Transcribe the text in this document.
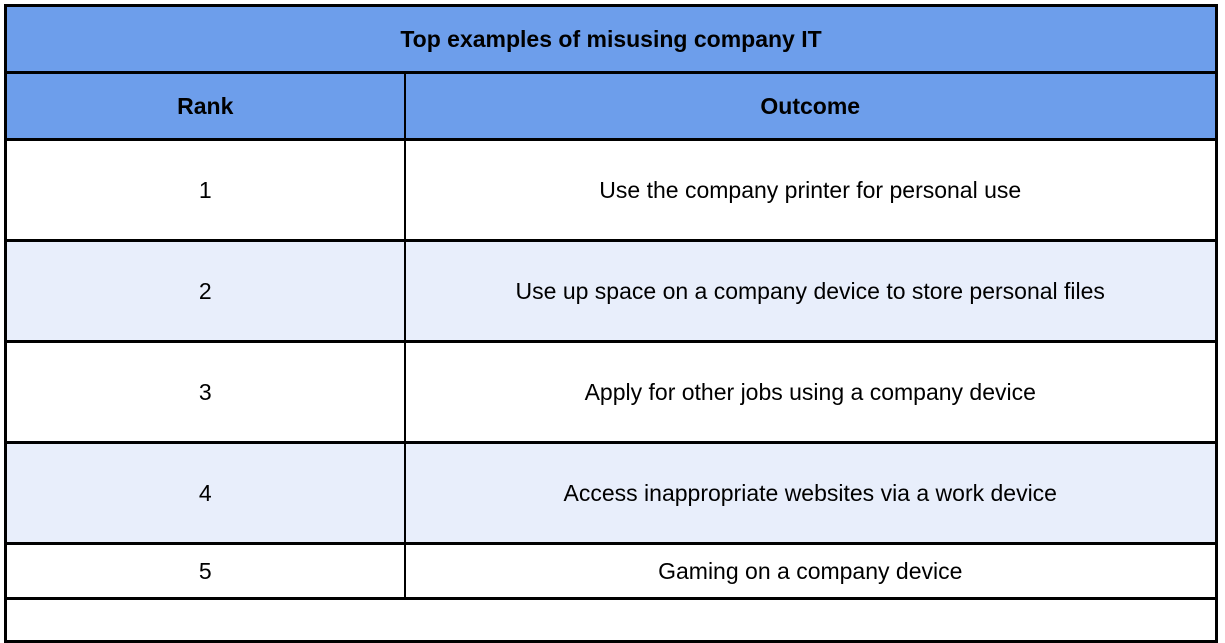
Top examples of misusing company IT	
Rank	Outcome
1	Use the company printer for personal use
2	Use up space on a company device to store personal files
3	Apply for other jobs using a company device
4	Access inappropriate websites via a work device
5	Gaming on a company device
